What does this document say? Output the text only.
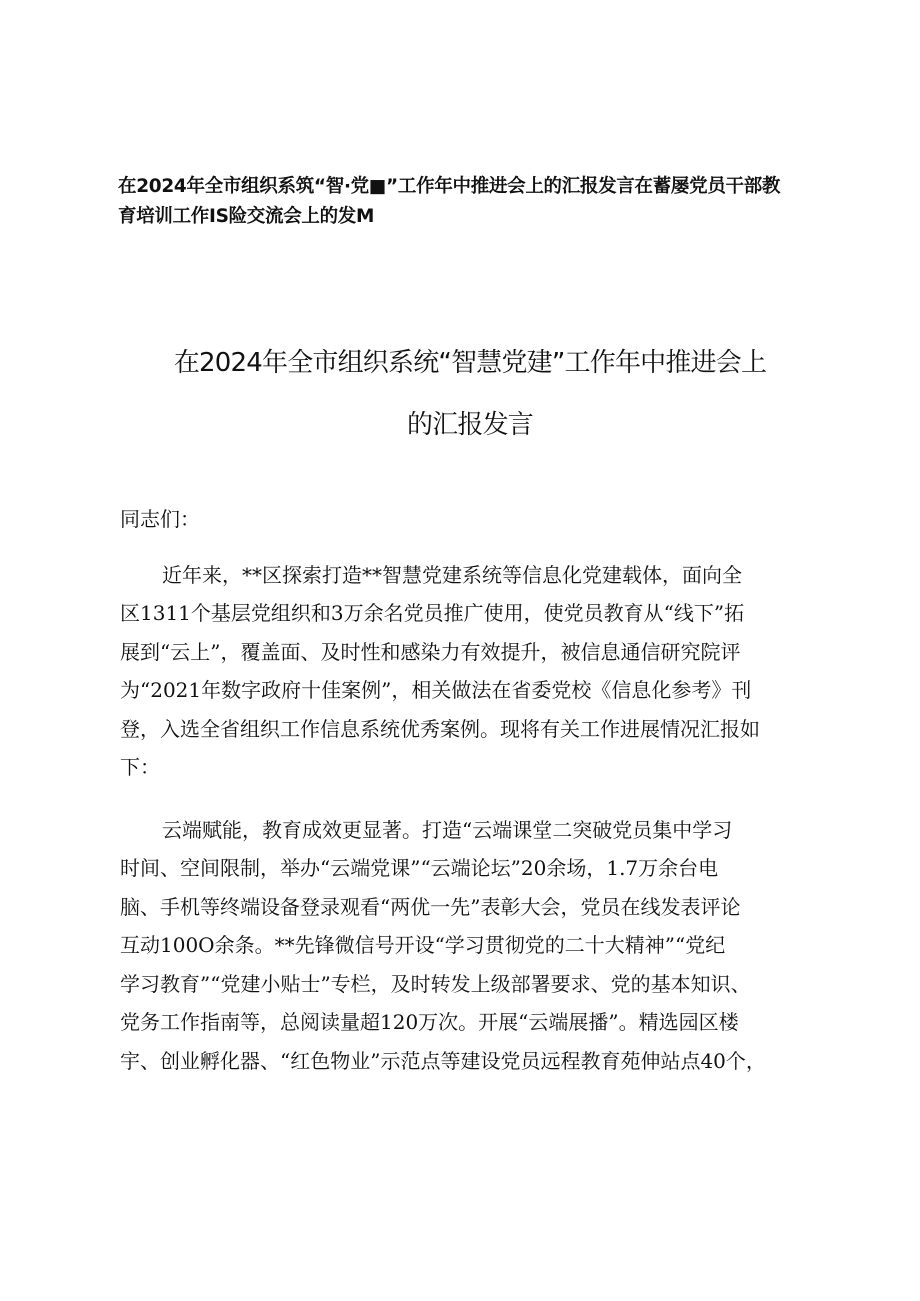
在2024年全市组织系筑“智·党■”工作年中推进会上的汇报发言在蓄屡党员干部教
育培训工作IS险交流会上的发M
在2024年全市组织系统“智慧党建”工作年中推进会上
的汇报发言
同志们：
近年来，**区探索打造**智慧党建系统等信息化党建载体，面向全
区1311个基层党组织和3万余名党员推广使用，使党员教育从“线下”拓
展到“云上”，覆盖面、及时性和感染力有效提升，被信息通信研究院评
为“2021年数字政府十佳案例”，相关做法在省委党校《信息化参考》刊
登，入选全省组织工作信息系统优秀案例。现将有关工作进展情况汇报如
下：
云端赋能，教育成效更显著。打造“云端课堂二突破党员集中学习
时间、空间限制，举办“云端党课”“云端论坛”20余场，1.7万余台电
脑、手机等终端设备登录观看“两优一先”表彰大会，党员在线发表评论
互动100O余条。**先锋微信号开设“学习贯彻党的二十大精神”“党纪
学习教育”“党建小贴士”专栏，及时转发上级部署要求、党的基本知识、
党务工作指南等，总阅读量超120万次。开展“云端展播”。精选园区楼
宇、创业孵化器、“红色物业”示范点等建设党员远程教育苑伸站点40个，
